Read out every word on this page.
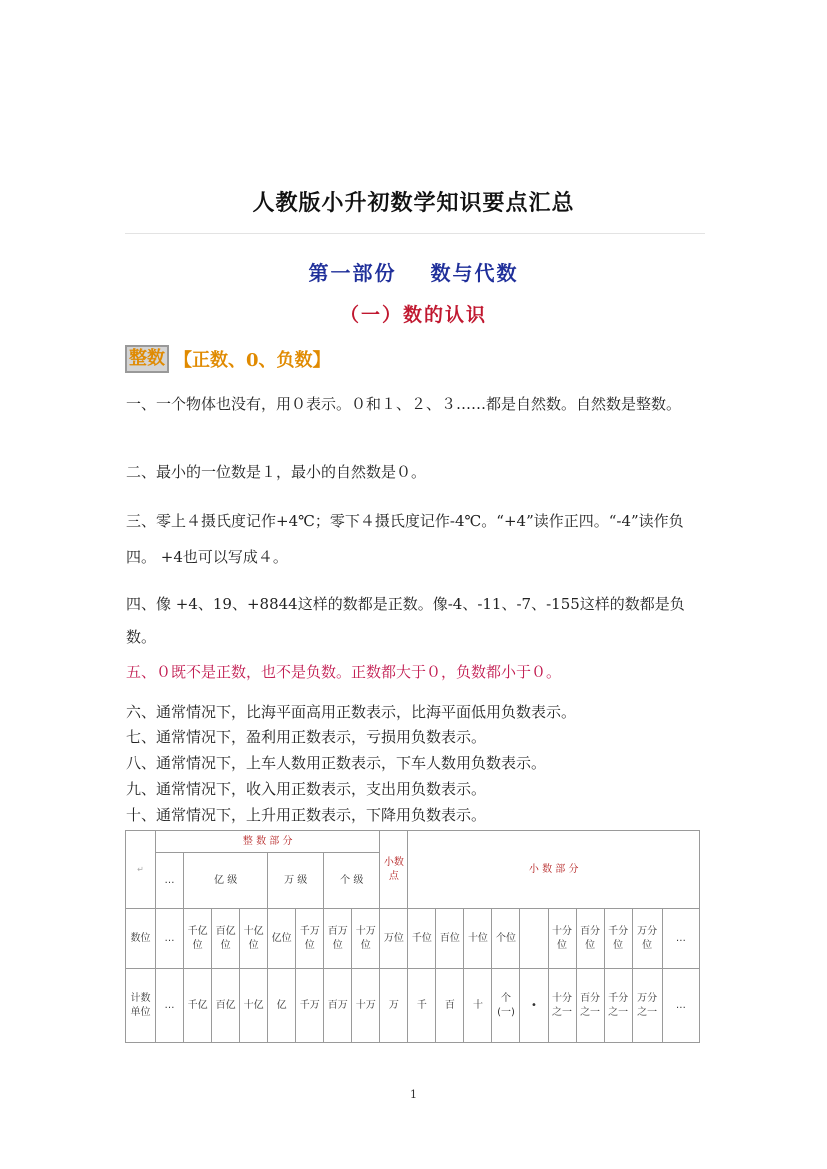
人教版小升初数学知识要点汇总
第一部份 数与代数
（一）数的认识
整数 【正数、0、负数】
一、一个物体也没有，用０表示。０和１、２、３……都是自然数。自然数是整数。
二、最小的一位数是１，最小的自然数是０。
三、零上４摄氏度记作+4℃；零下４摄氏度记作-4℃。“+4”读作正四。“-4”读作负四。 +4也可以写成４。
四、像 +4、19、+8844这样的数都是正数。像-4、-11、-7、-155这样的数都是负数。
五、０既不是正数，也不是负数。正数都大于０，负数都小于０。
六、通常情况下，比海平面高用正数表示，比海平面低用负数表示。
七、通常情况下，盈利用正数表示，亏损用负数表示。
八、通常情况下，上车人数用正数表示，下车人数用负数表示。
九、通常情况下，收入用正数表示，支出用负数表示。
十、通常情况下，上升用正数表示，下降用负数表示。
↵	整 数 部 分								小数点	小 数 部 分									
	…	亿 级			万 级		个 级												
数位	…	千亿位	百亿位	十亿位	亿位	千万位	百万位	十万位	万位	千位	百位	十位	个位		十分位	百分位	千分位	万分位	…
计数单位	…	千亿	百亿	十亿	亿	千万	百万	十万	万	千	百	十	个(一)	•	十分之一	百分之一	千分之一	万分之一	…
1
